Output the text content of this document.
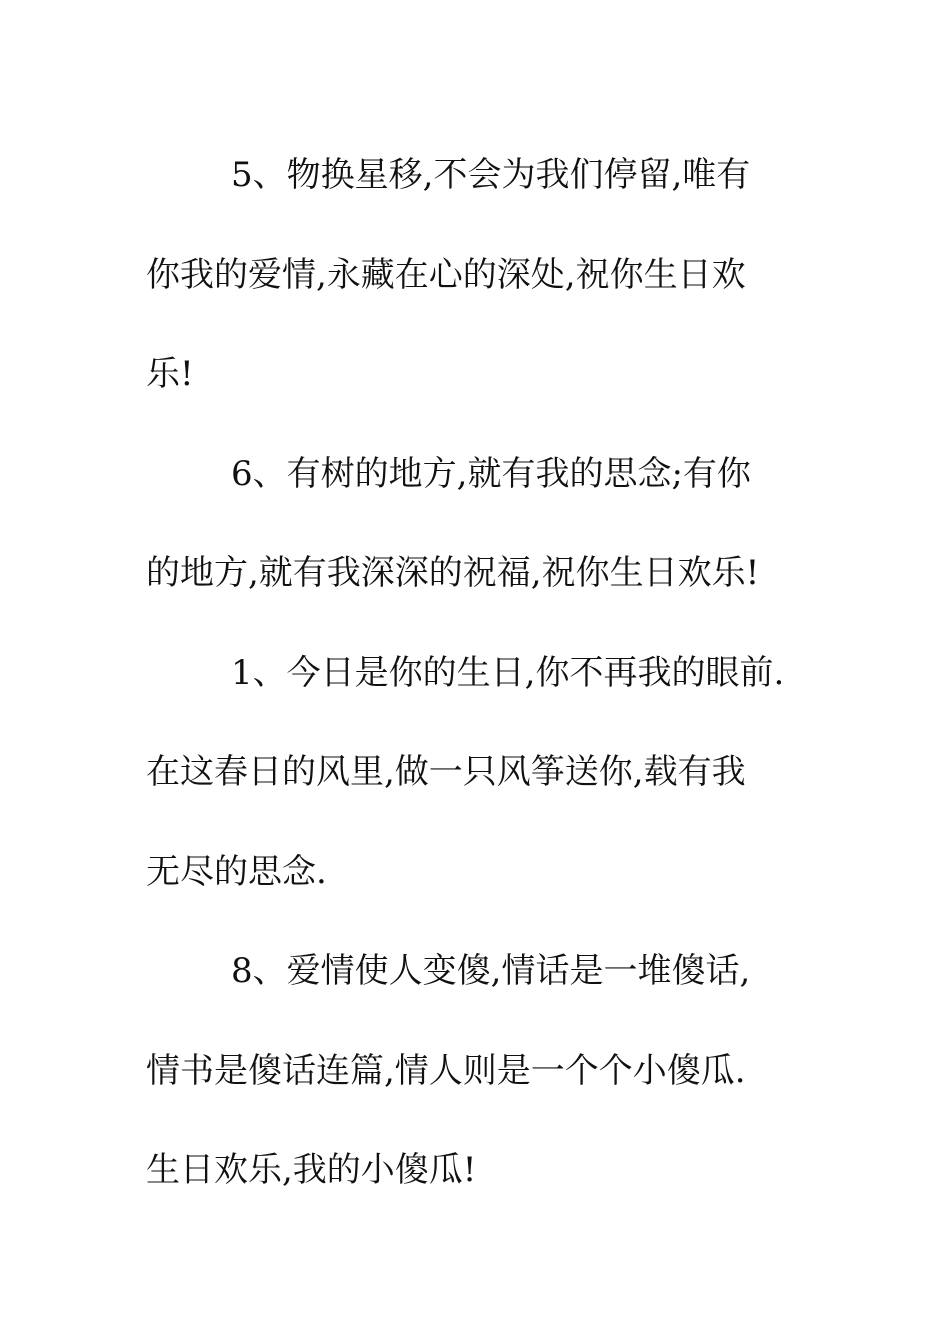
5、物换星移,不会为我们停留,唯有
你我的爱情,永藏在心的深处,祝你生日欢
乐!

6、有树的地方,就有我的思念;有你
的地方,就有我深深的祝福,祝你生日欢乐!

1、今日是你的生日,你不再我的眼前.
在这春日的风里,做一只风筝送你,载有我
无尽的思念.

8、爱情使人变傻,情话是一堆傻话,
情书是傻话连篇,情人则是一个个小傻瓜.
生日欢乐,我的小傻瓜!
